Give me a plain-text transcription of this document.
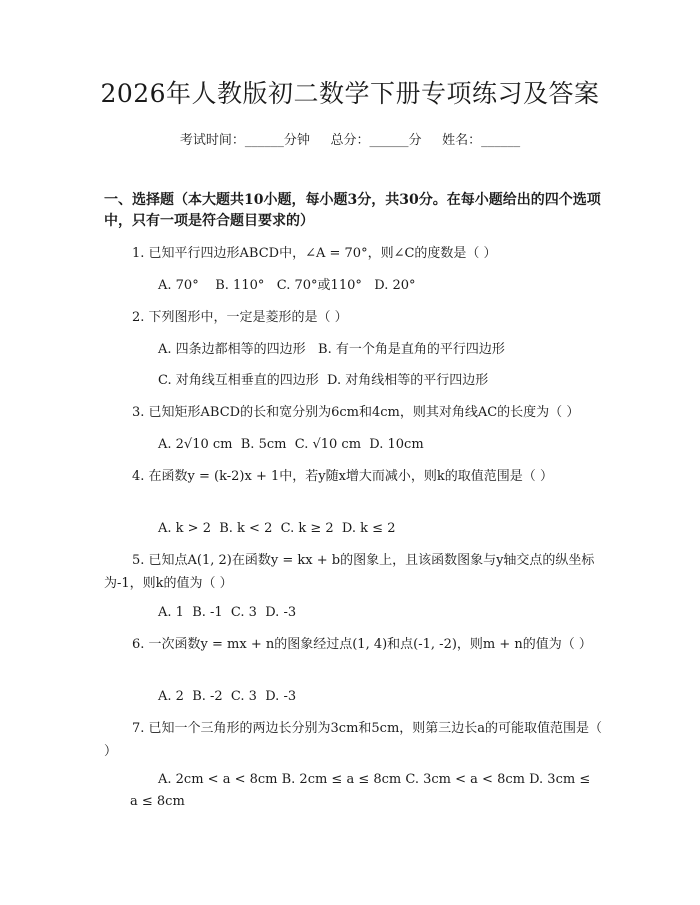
2026年人教版初二数学下册专项练习及答案
考试时间：______分钟     总分：______分     姓名：______
一、选择题（本大题共10小题，每小题3分，共30分。在每小题给出的四个选项中，只有一项是符合题目要求的）
1. 已知平行四边形ABCD中，∠A = 70°，则∠C的度数是（ ）
A. 70°    B. 110°   C. 70°或110°   D. 20°
2. 下列图形中，一定是菱形的是（ ）
A. 四条边都相等的四边形   B. 有一个角是直角的平行四边形
C. 对角线互相垂直的四边形  D. 对角线相等的平行四边形
3. 已知矩形ABCD的长和宽分别为6cm和4cm，则其对角线AC的长度为（ ）
A. 2√10 cm  B. 5cm  C. √10 cm  D. 10cm
4. 在函数y = (k-2)x + 1中，若y随x增大而减小，则k的取值范围是（ ）
A. k > 2  B. k < 2  C. k ≥ 2  D. k ≤ 2
5. 已知点A(1, 2)在函数y = kx + b的图象上，且该函数图象与y轴交点的纵坐标为-1，则k的值为（ ）
A. 1  B. -1  C. 3  D. -3
6. 一次函数y = mx + n的图象经过点(1, 4)和点(-1, -2)，则m + n的值为（ ）
A. 2  B. -2  C. 3  D. -3
7. 已知一个三角形的两边长分别为3cm和5cm，则第三边长a的可能取值范围是（ ）
A. 2cm < a < 8cm B. 2cm ≤ a ≤ 8cm C. 3cm < a < 8cm D. 3cm ≤ a ≤ 8cm
